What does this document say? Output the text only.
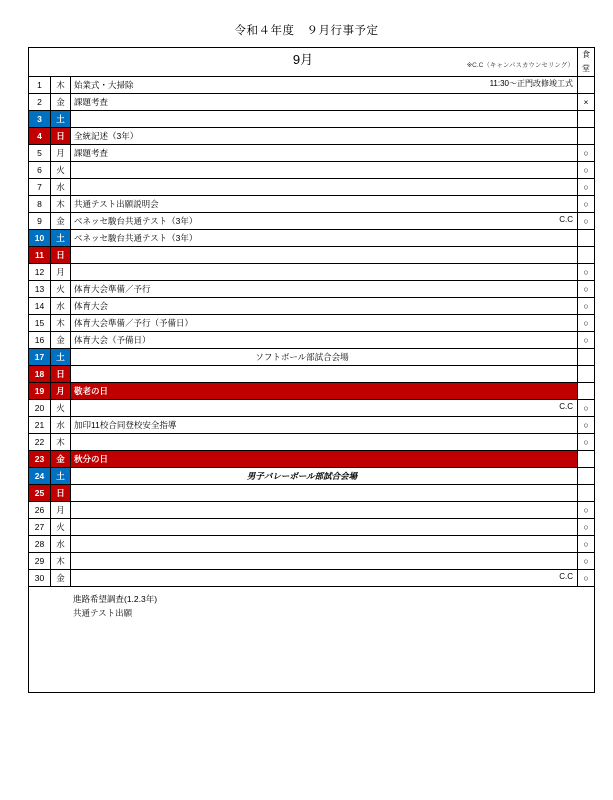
令和４年度　９月行事予定
9月 ※C.C（キャンパスカウンセリング）			食
堂

1	木	始業式・大掃除 11:30〜正門改修竣工式	

2	金	課題考査	×
3	土		
4	日	全統記述（3年）	
5	月	課題考査	○
6	火		○
7	水		○
8	木	共通テスト出願説明会	○
9	金	ベネッセ駿台共通テスト（3年） C.C	○
10	土	ベネッセ駿台共通テスト（3年）	
11	日		
12	月		○
13	火	体育大会準備／予行	○
14	水	体育大会	○
15	木	体育大会準備／予行（予備日）	○
16	金	体育大会（予備日）	○
17	土	ソフトボール部試合会場	

18	日		
19	月	敬老の日	
20	火	C.C	○
21	水	加印11校合同登校安全指導	○
22	木		○
23	金	秋分の日	
24	土	男子バレーボール部試合会場	

25	日		
26	月		○
27	火		○
28	水		○
29	木		○
30	金	C.C	○

進路希望調査(1.2.3年)
共通テスト出願			
